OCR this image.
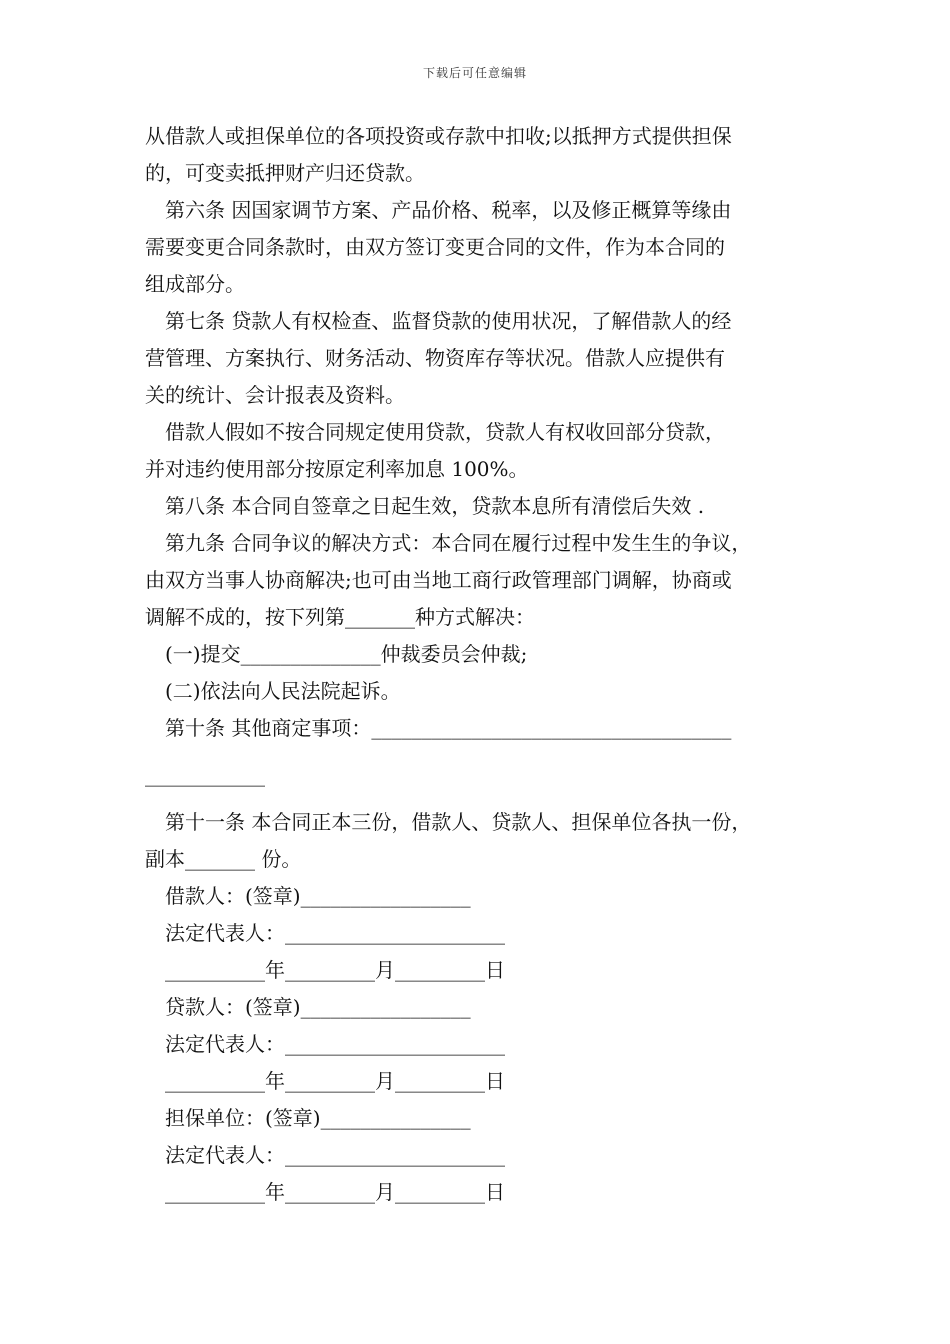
下载后可任意编辑

从借款人或担保单位的各项投资或存款中扣收;以抵押方式提供担保

的，可变卖抵押财产归还贷款。

第六条 因国家调节方案、产品价格、税率，以及修正概算等缘由

需要变更合同条款时，由双方签订变更合同的文件，作为本合同的

组成部分。

第七条 贷款人有权检查、监督贷款的使用状况，了解借款人的经

营管理、方案执行、财务活动、物资库存等状况。借款人应提供有

关的统计、会计报表及资料。

借款人假如不按合同规定使用贷款，贷款人有权收回部分贷款，

并对违约使用部分按原定利率加息 100%。

第八条 本合同自签章之日起生效，贷款本息所有清偿后失效 .

第九条 合同争议的解决方式：本合同在履行过程中发生生的争议，

由双方当事人协商解决;也可由当地工商行政管理部门调解，协商或

调解不成的，按下列第_______种方式解决：

(一)提交______________仲裁委员会仲裁;

(二)依法向人民法院起诉。

第十条 其他商定事项：____________________________________

____________

第十一条 本合同正本三份，借款人、贷款人、担保单位各执一份，

副本_______ 份。

借款人：(签章)_________________

法定代表人：______________________

__________年_________月_________日

贷款人：(签章)_________________

法定代表人：______________________

__________年_________月_________日

担保单位：(签章)_______________

法定代表人：______________________

__________年_________月_________日
